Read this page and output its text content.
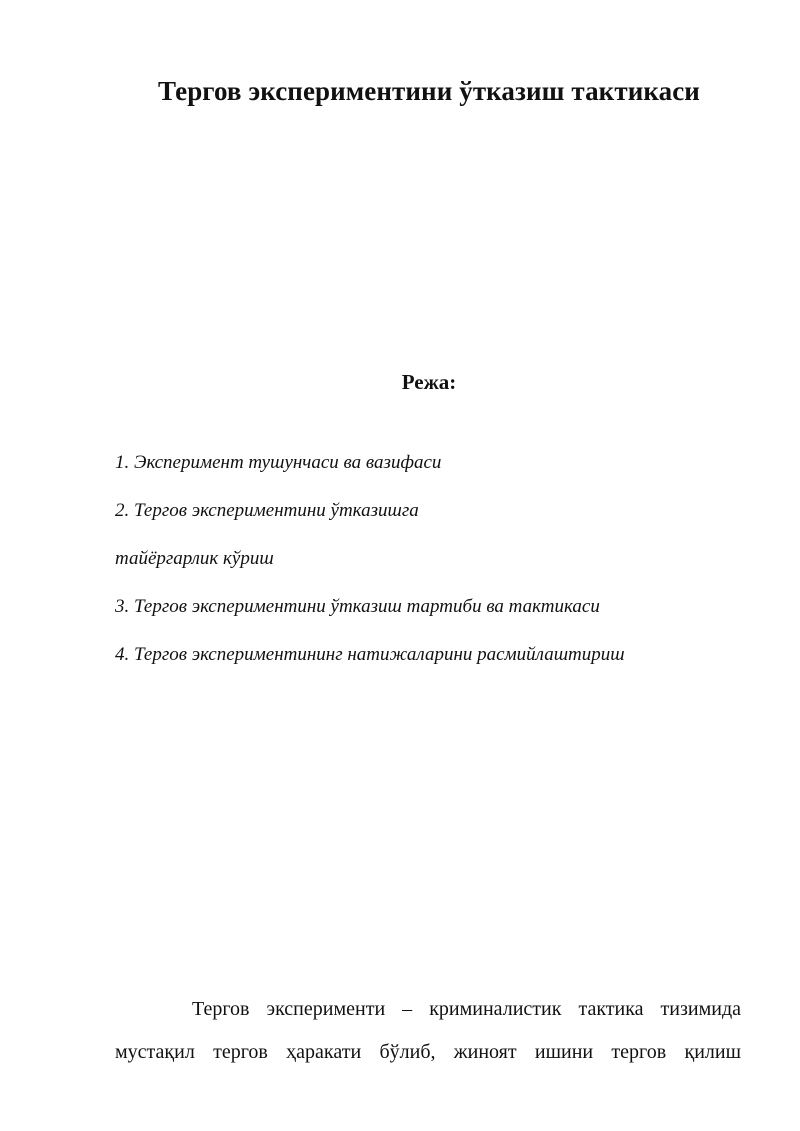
Тергов экспериментини ўтказиш тактикаси
Режа:
1. Эксперимент тушунчаси ва вазифаси
2. Тергов экспериментини ўтказишга
тайёргарлик кўриш
3. Тергов экспериментини ўтказиш тартиби ва тактикаси
4. Тергов экспериментининг натижаларини расмийлаштириш

Тергов эксперименти – криминалистик тактика тизимида
мустақил тергов ҳаракати бўлиб, жиноят ишини тергов қилиш
